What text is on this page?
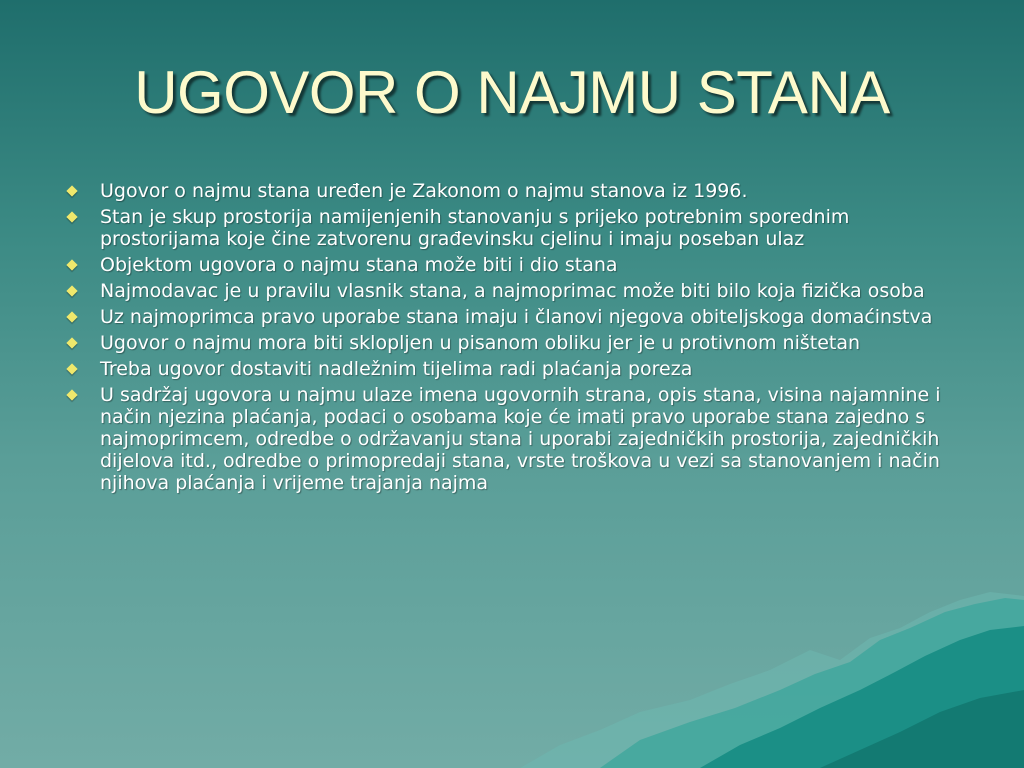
UGOVOR O NAJMU STANA
Ugovor o najmu stana uređen je Zakonom o najmu stanova iz 1996.
Stan je skup prostorija namijenjenih stanovanju s prijeko potrebnim sporednim prostorijama koje čine zatvorenu građevinsku cjelinu i imaju poseban ulaz
Objektom ugovora o najmu stana može biti i dio stana
Najmodavac je u pravilu vlasnik stana, a najmoprimac može biti bilo koja fizička osoba
Uz najmoprimca pravo uporabe stana imaju i članovi njegova obiteljskoga domaćinstva
Ugovor o najmu mora biti sklopljen u pisanom obliku jer je u protivnom ništetan
Treba ugovor dostaviti nadležnim tijelima radi plaćanja poreza
U sadržaj ugovora u najmu ulaze imena ugovornih strana, opis stana, visina najamnine i način njezina plaćanja, podaci o osobama koje će imati pravo uporabe stana zajedno s najmoprimcem, odredbe o održavanju stana i uporabi zajedničkih prostorija, zajedničkih dijelova itd., odredbe o primopredaji stana, vrste troškova u vezi sa stanovanjem i način njihova plaćanja i vrijeme trajanja najma
